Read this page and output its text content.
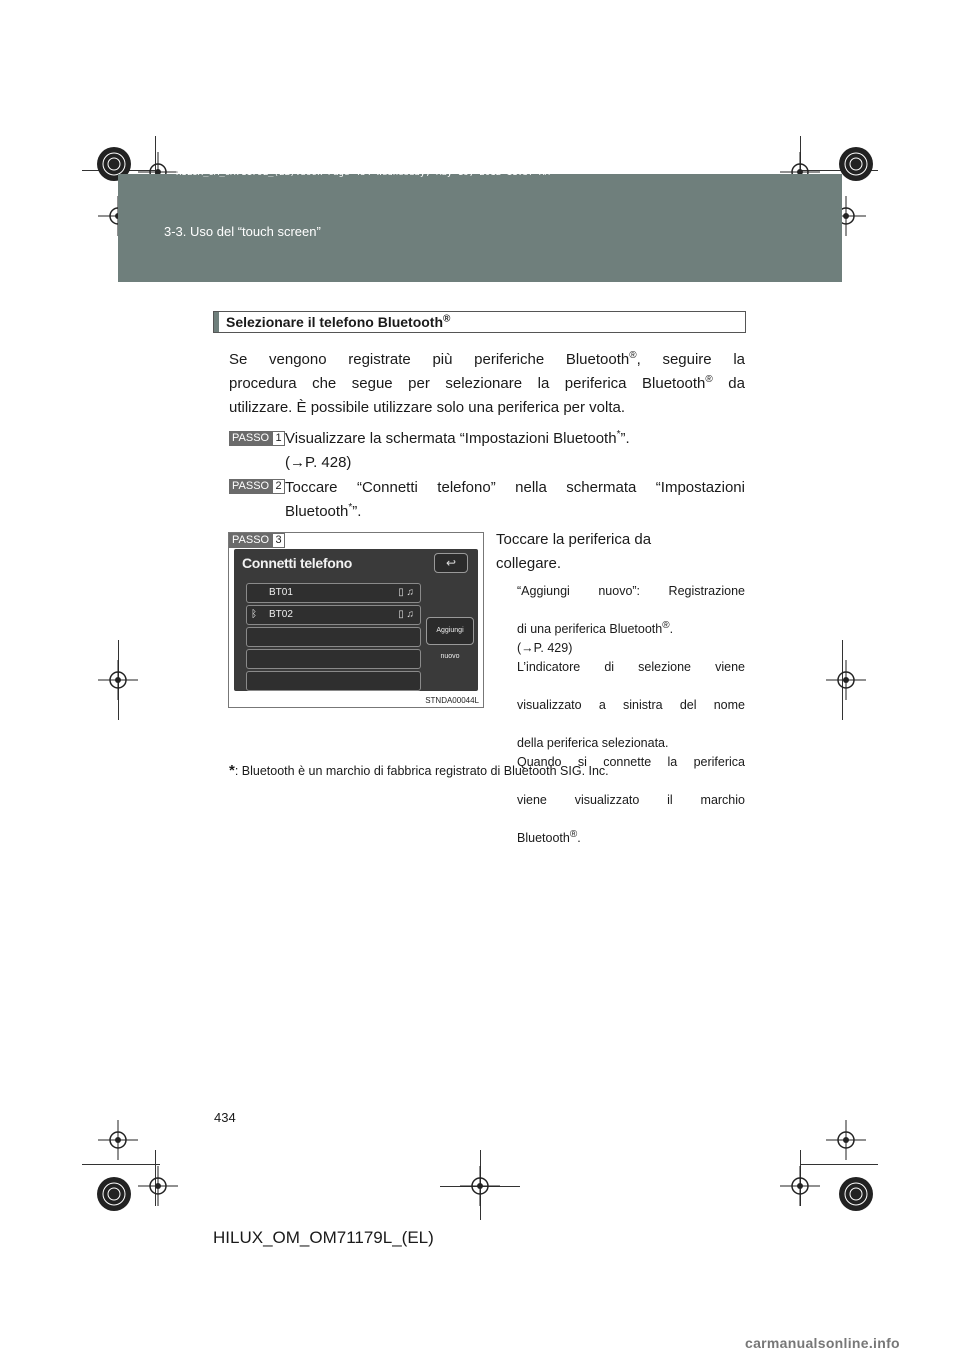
3-3. Uso del “touch screen”
HILUX_OM_OM71179L_(EL).book Page 434 Wednesday, May 16, 2012 11:37 AM
Selezionare il telefono Bluetooth®
Se vengono registrate più periferiche Bluetooth®, seguire la
procedura che segue per selezionare la periferica Bluetooth® da
utilizzare. È possibile utilizzare solo una periferica per volta.
PASSO 1 Visualizzare la schermata “Impostazioni Bluetooth*”.
(→P. 428)
PASSO 2 Toccare “Connetti telefono” nella schermata “Impostazioni
Bluetooth*”.
PASSO 3
Connetti telefono	↩
BT01	▯ ♫
ᛒ BT02	▯ ♫
Aggiungi nuovo
STNDA00044L
Toccare la periferica da
collegare.
“Aggiungi nuovo”: Registrazione
di una periferica Bluetooth®.
(→P. 429)
L’indicatore di selezione viene
visualizzato a sinistra del nome
della periferica selezionata.
Quando si connette la periferica
viene visualizzato il marchio
Bluetooth®.
*: Bluetooth è un marchio di fabbrica registrato di Bluetooth SIG. Inc.
434
HILUX_OM_OM71179L_(EL)
carmanualsonline.info
